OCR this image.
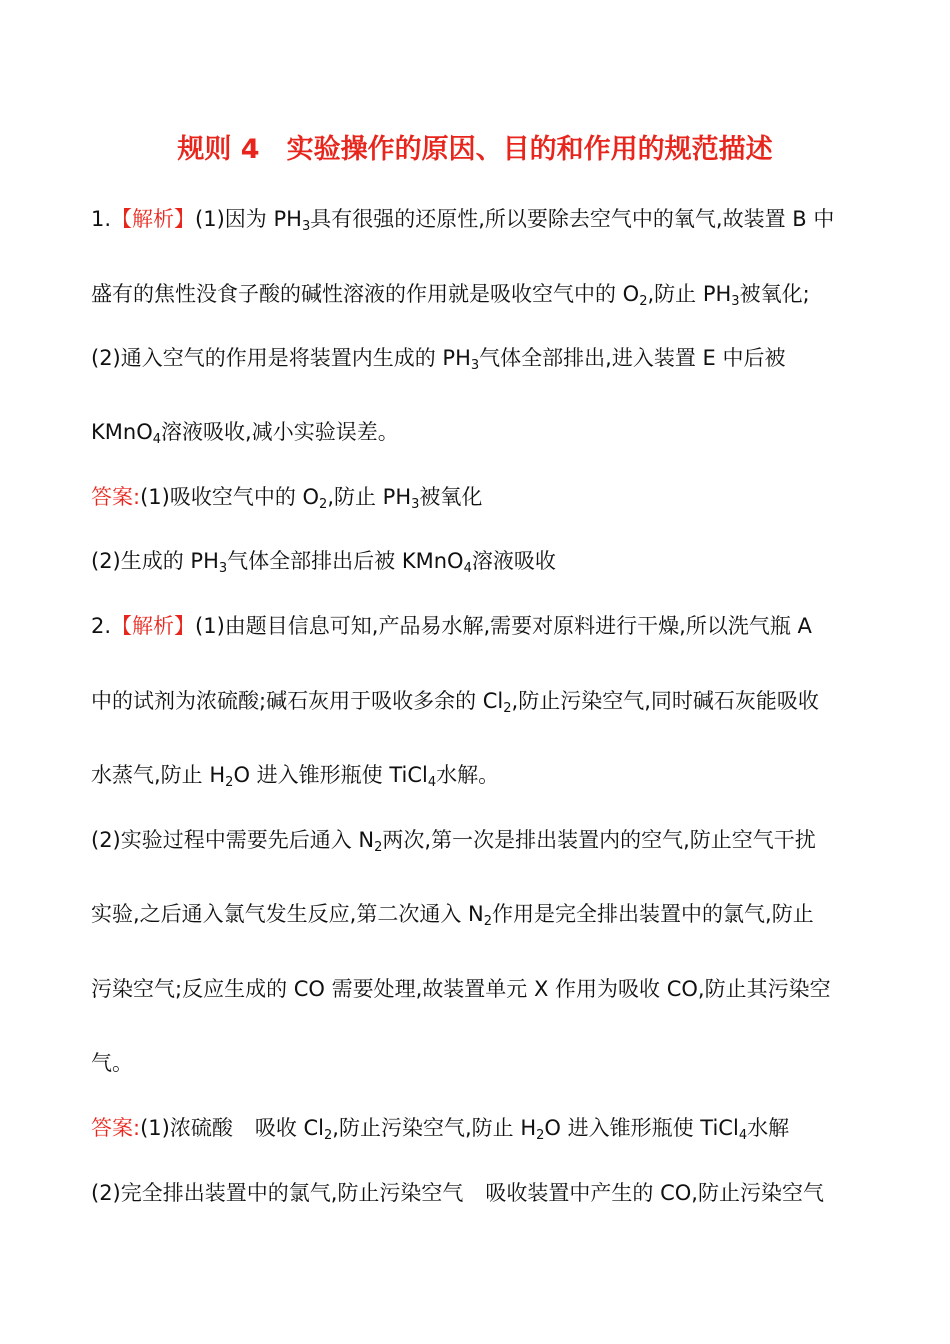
规则 4　实验操作的原因、目的和作用的规范描述
1.【解析】(1)因为 $PH_3$具有很强的还原性,所以要除去空气中的氧气,故装置 B 中
盛有的焦性没食子酸的碱性溶液的作用就是吸收空气中的 $O_2$,防止 $PH_3$被氧化;
(2)通入空气的作用是将装置内生成的 $PH_3$气体全部排出,进入装置 E 中后被
KMnO$_4$溶液吸收,减小实验误差。
答案:(1)吸收空气中的 $O_2$,防止 $PH_3$被氧化
(2)生成的 $PH_3$气体全部排出后被 KMnO$_4$溶液吸收
2.【解析】(1)由题目信息可知,产品易水解,需要对原料进行干燥,所以洗气瓶 A
中的试剂为浓硫酸;碱石灰用于吸收多余的 $Cl_2$,防止污染空气,同时碱石灰能吸收
水蒸气,防止 $H_2O$ 进入锥形瓶使 TiCl$_4$水解。
(2)实验过程中需要先后通入 $N_2$两次,第一次是排出装置内的空气,防止空气干扰
实验,之后通入氯气发生反应,第二次通入 $N_2$作用是完全排出装置中的氯气,防止
污染空气;反应生成的 CO 需要处理,故装置单元 X 作用为吸收 CO,防止其污染空
气。
答案:(1)浓硫酸 吸收 $Cl_2$,防止污染空气,防止 $H_2O$ 进入锥形瓶使 TiCl$_4$水解
(2)完全排出装置中的氯气,防止污染空气 吸收装置中产生的 CO,防止污染空气
